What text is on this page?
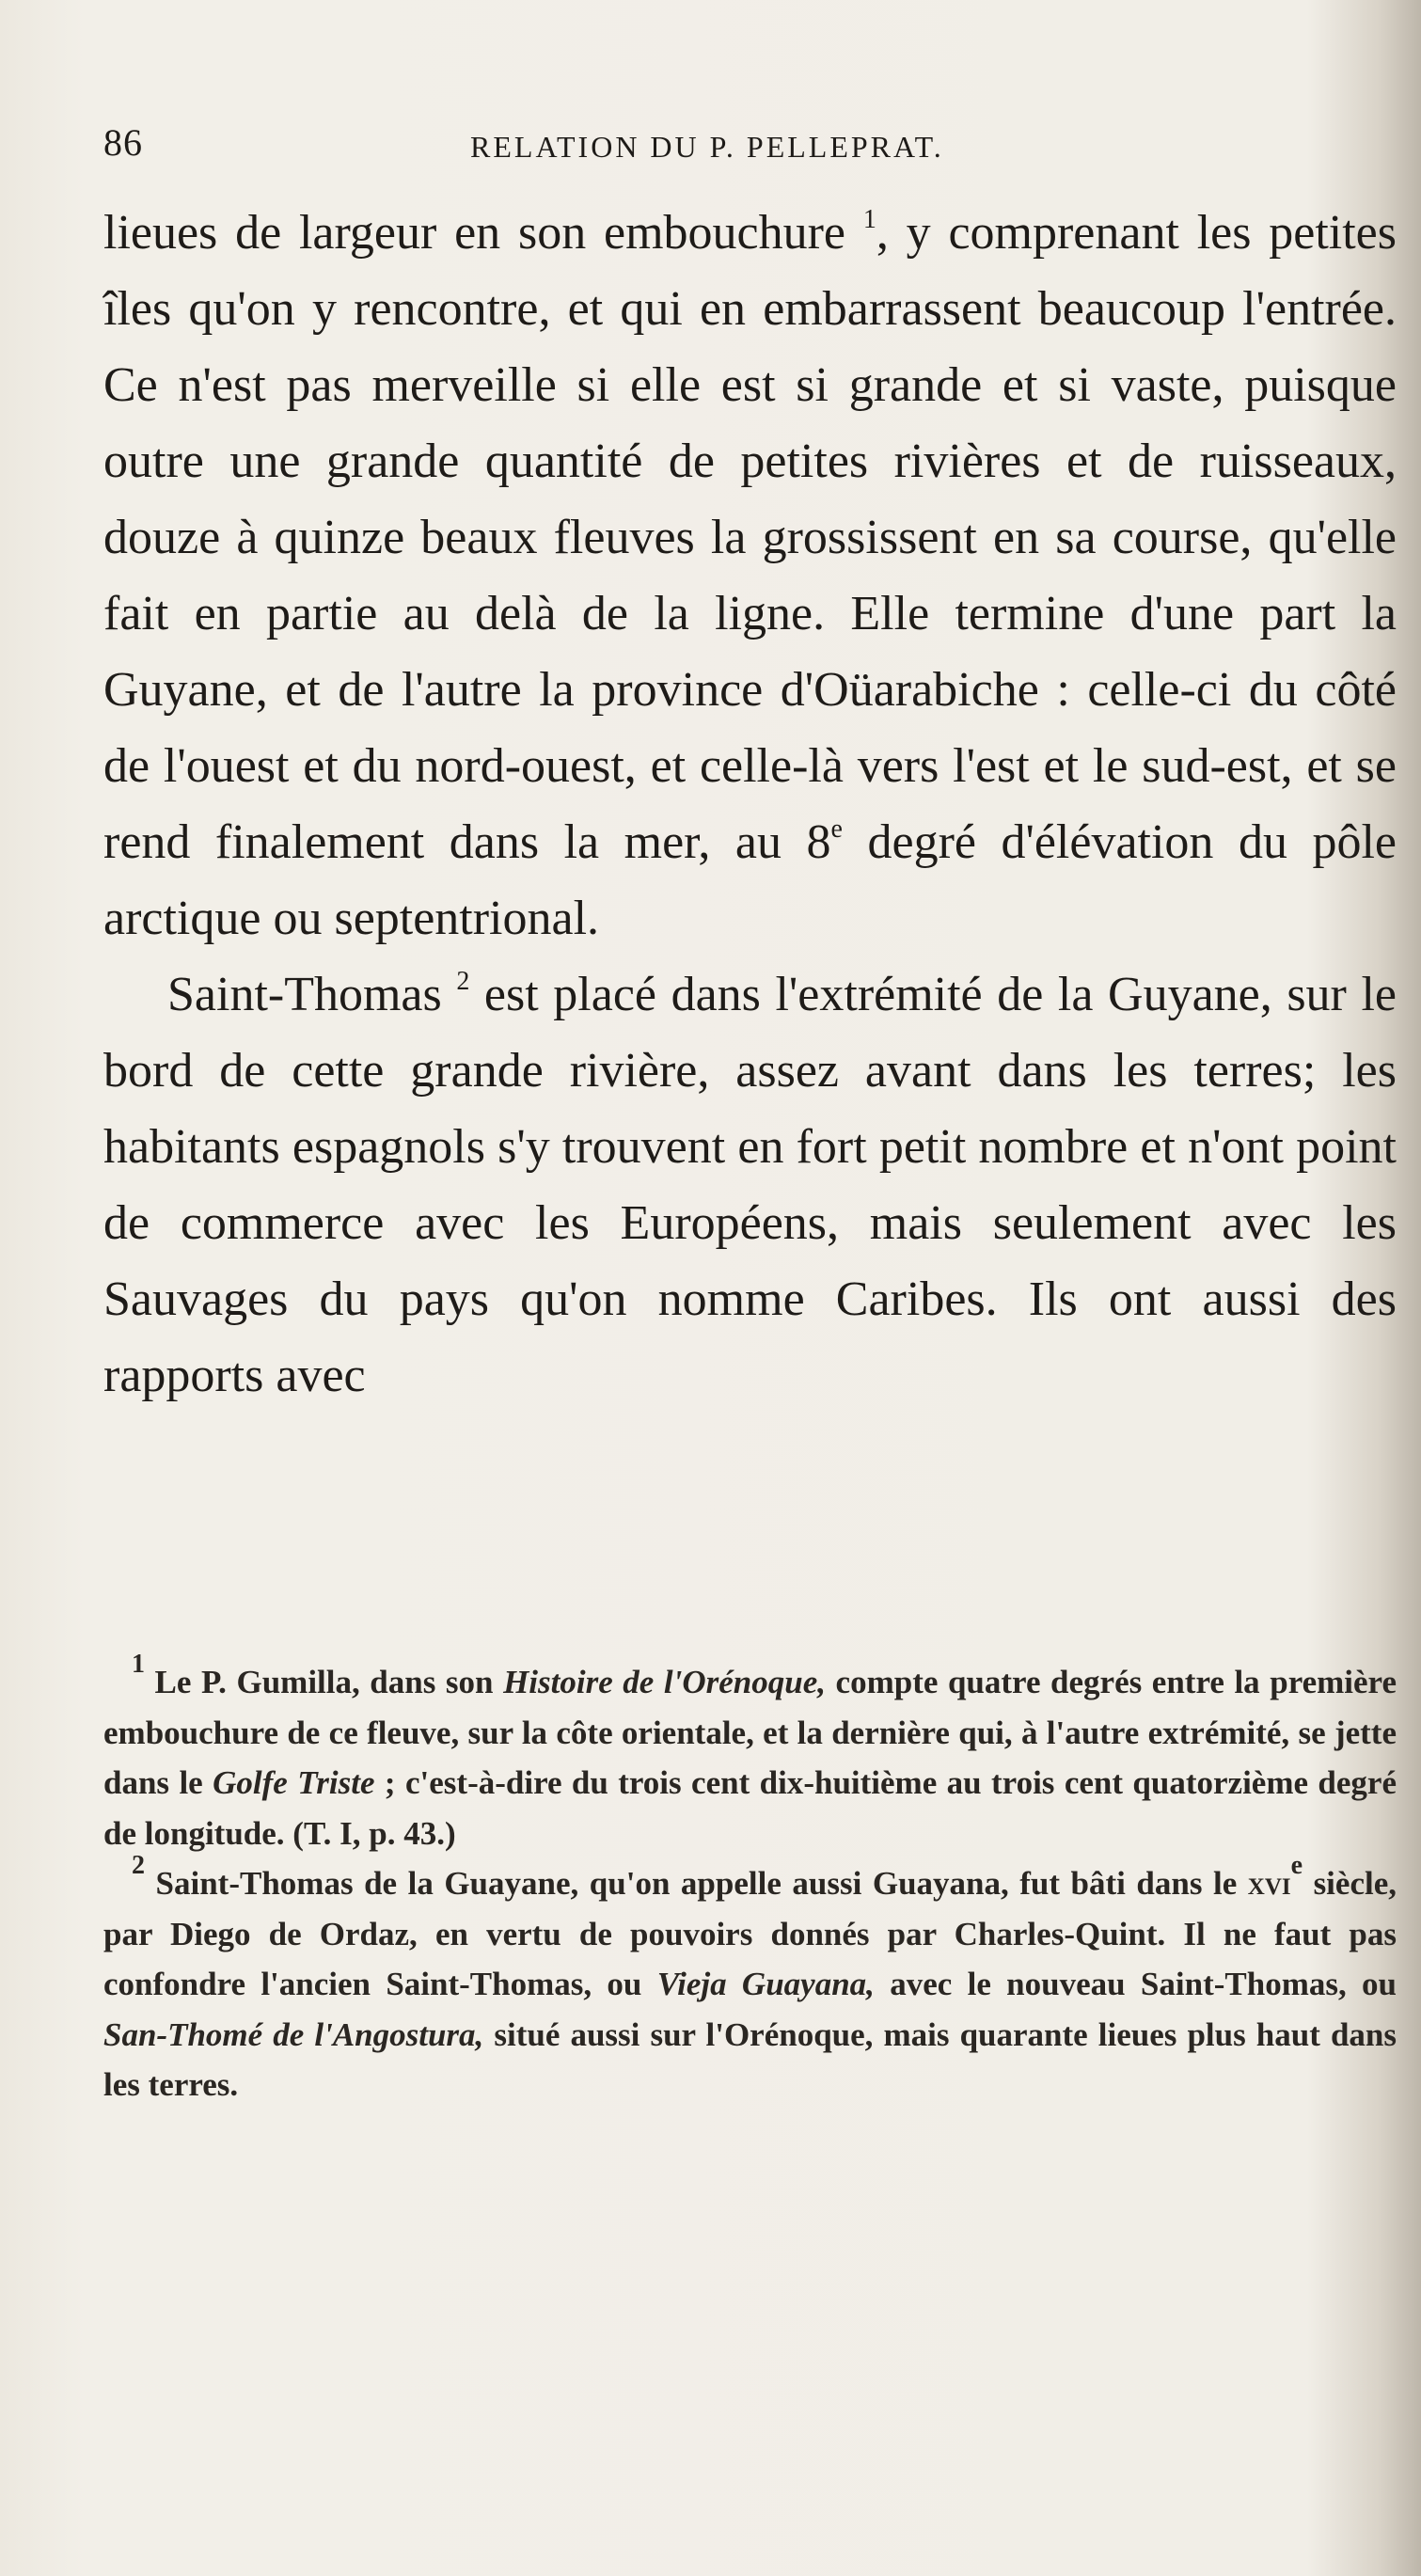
86	RELATION DU P. PELLEPRAT.

lieues de largeur en son embouchure $^1$, y comprenant les petites îles qu'on y rencontre, et qui en embarrassent beaucoup l'entrée. Ce n'est pas merveille si elle est si grande et si vaste, puisque outre une grande quantité de petites rivières et de ruisseaux, douze à quinze beaux fleuves la grossissent en sa course, qu'elle fait en partie au delà de la ligne. Elle termine d'une part la Guyane, et de l'autre la province d'Oüarabiche : celle-ci du côté de l'ouest et du nord-ouest, et celle-là vers l'est et le sud-est, et se rend finalement dans la mer, au 8e degré d'élévation du pôle arctique ou septentrional.

Saint-Thomas $^2$ est placé dans l'extrémité de la Guyane, sur le bord de cette grande rivière, assez avant dans les terres; les habitants espagnols s'y trouvent en fort petit nombre et n'ont point de commerce avec les Européens, mais seulement avec les Sauvages du pays qu'on nomme Caribes. Ils ont aussi des rapports avec

$^1$ Le P. Gumilla, dans son Histoire de l'Orénoque, compte quatre degrés entre la première embouchure de ce fleuve, sur la côte orientale, et la dernière qui, à l'autre extrémité, se jette dans le Golfe Triste ; c'est-à-dire du trois cent dix-huitième au trois cent quatorzième degré de longitude. (T. I, p. 43.)

$^2$ Saint-Thomas de la Guayane, qu'on appelle aussi Guayana, fut bâti dans le xvi$^e$ siècle, par Diego de Ordaz, en vertu de pouvoirs donnés par Charles-Quint. Il ne faut pas confondre l'ancien Saint-Thomas, ou Vieja Guayana, avec le nouveau Saint-Thomas, ou San-Thomé de l'Angostura, situé aussi sur l'Orénoque, mais quarante lieues plus haut dans les terres.
